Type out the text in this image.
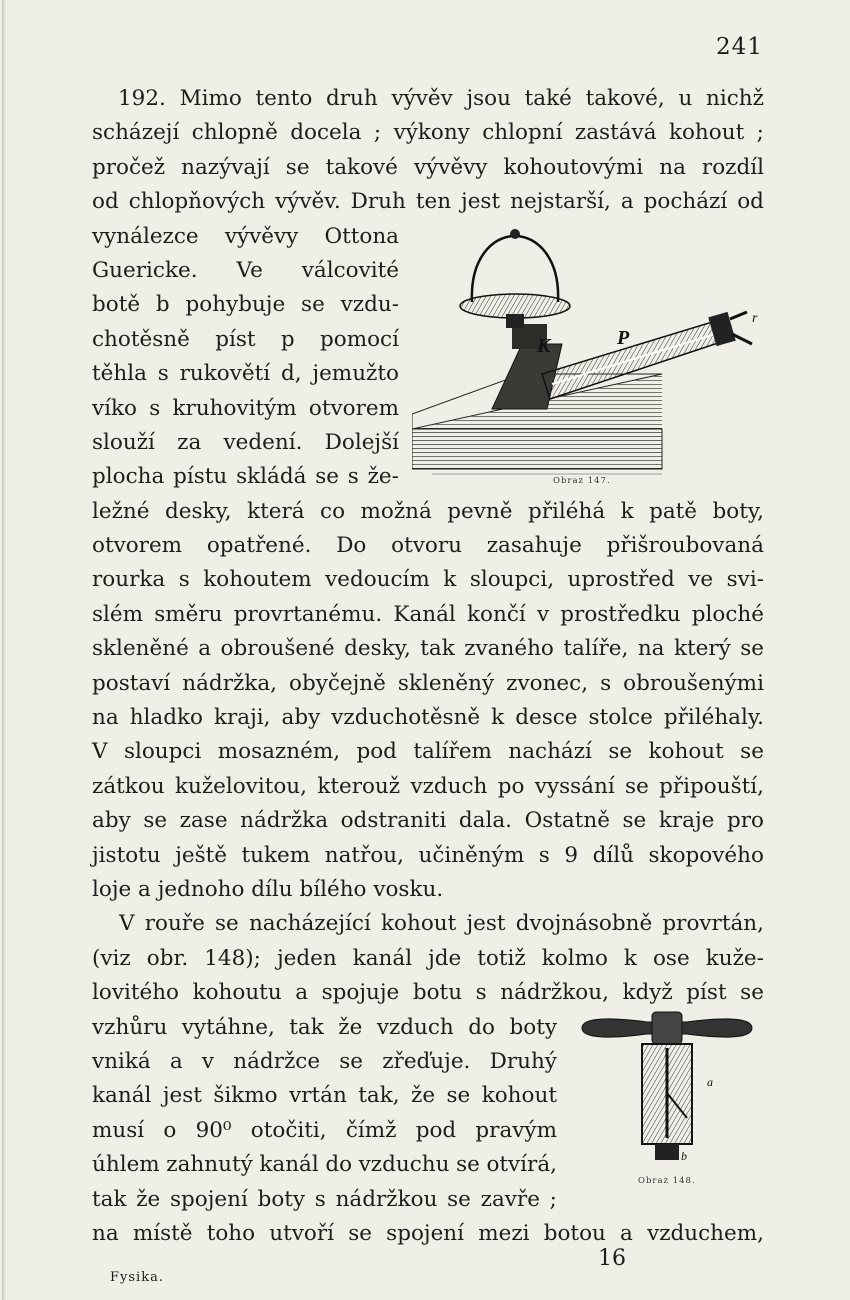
241
192. Mimo tento druh vývěv jsou také takové, u nichž
scházejí chlopně docela ; výkony chlopní zastává kohout ;
pročež nazývají se takové vývěvy kohoutovými na rozdíl
od chlopňových vývěv. Druh ten jest nejstarší, a pochází od
vynálezce vývěvy Ottona
Guericke. Ve válcovité
botě b pohybuje se vzdu-
chotěsně píst p pomocí
těhla s rukovětí d, jemužto
víko s kruhovitým otvorem
slouží za vedení. Dolejší
plocha pístu skládá se s že-
ležné desky, která co možná pevně přiléhá k patě boty,
otvorem opatřené. Do otvoru zasahuje přišroubovaná
rourka s kohoutem vedoucím k sloupci, uprostřed ve svi-
slém směru provrtanému. Kanál končí v prostředku ploché
skleněné a obroušené desky, tak zvaného talíře, na který se
postaví nádržka, obyčejně skleněný zvonec, s obroušenými
na hladko kraji, aby vzduchotěsně k desce stolce přiléhaly.
V sloupci mosazném, pod talířem nachází se kohout se
zátkou kuželovitou, kterouž vzduch po vyssání se připouští,
aby se zase nádržka odstraniti dala. Ostatně se kraje pro
jistotu ještě tukem natřou, učiněným s 9 dílů skopového
loje a jednoho dílu bílého vosku.
V rouře se nacházející kohout jest dvojnásobně provrtán,
(viz obr. 148); jeden kanál jde totiž kolmo k ose kuže-
lovitého kohoutu a spojuje botu s nádržkou, když píst se
vzhůru vytáhne, tak že vzduch do boty
vniká a v nádržce se zřeďuje. Druhý
kanál jest šikmo vrtán tak, že se kohout
musí o 90⁰ otočiti, čímž pod pravým
úhlem zahnutý kanál do vzduchu se otvírá,
tak že spojení boty s nádržkou se zavře ;
na místě toho utvoří se spojení mezi botou a vzduchem,
K	P
r
Obraz 147.
a
b
Obraz 148.
16
Fysika.
